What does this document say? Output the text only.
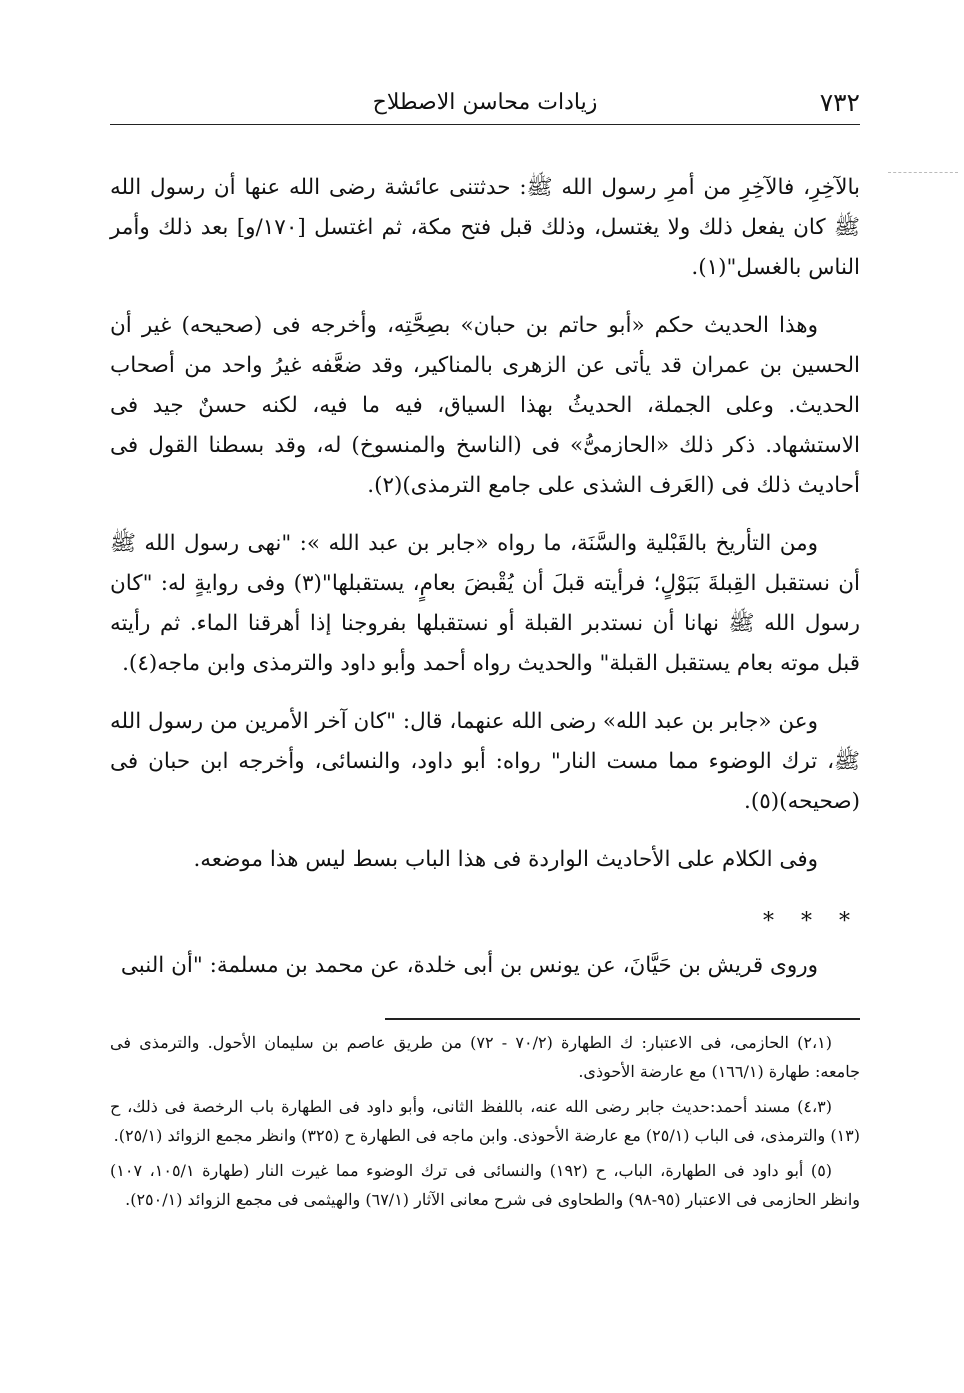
٧٣٢
زيادات محاسن الاصطلاح

بالآخِرِ، فالآخِرِ من أمرِ رسول الله ﷺ: حدثتنى عائشة رضى الله عنها أن رسول الله ﷺ كان يفعل ذلك ولا يغتسل، وذلك قبل فتح مكة، ثم اغتسل [١٧٠/و] بعد ذلك وأمر الناس بالغسل"(١).

وهذا الحديث حكم «أبو حاتم بن حبان» بصِحَّتِه، وأخرجه فى (صحيحه) غير أن الحسين بن عمران قد يأتى عن الزهرى بالمناكير، وقد ضعَّفه غيرُ واحد من أصحاب الحديث. وعلى الجملة، الحديثُ بهذا السياق، فيه ما فيه، لكنه حسنٌ جيد فى الاستشهاد. ذكر ذلك «الحازمىُّ» فى (الناسخ والمنسوخ) له، وقد بسطنا القول فى أحاديث ذلك فى (العَرف الشذى على جامع الترمذى)(٢).

ومن التأريخ بالقَبْلية والسَّنَة، ما رواه «جابر بن عبد الله »: "نهى رسول الله ﷺ أن نستقبل القِبلةَ بَبَوْلٍ؛ فرأيته قبلَ أن يُقْبضَ بعامٍ، يستقبلها"(٣) وفى روايةٍ له: "كان رسول الله ﷺ نهانا أن نستدبر القبلة أو نستقبلها بفروجنا إذا أهرقنا الماء. ثم رأيته قبل موته بعام يستقبل القبلة" والحديث رواه أحمد وأبو داود والترمذى وابن ماجه(٤).

وعن «جابر بن عبد الله» رضى الله عنهما، قال: "كان آخر الأمرين من رسول الله ﷺ، ترك الوضوء مما مست النار" رواه: أبو داود، والنسائى، وأخرجه ابن حبان فى (صحيحه)(٥).

وفى الكلام على الأحاديث الواردة فى هذا الباب بسط ليس هذا موضعه.

* * *

وروى قريش بن حَيَّانَ، عن يونس بن أبى خلدة، عن محمد بن مسلمة: "أن النبى

(٢،١) الحازمى، فى الاعتبار: ك الطهارة (٧٠/٢ - ٧٢) من طريق عاصم بن سليمان الأحول. والترمذى فى جامعه: طهارة (١٦٦/١) مع عارضة الأحوذى.

(٤،٣) مسند أحمد:حديث جابر رضى الله عنه، باللفظ الثانى، وأبو داود فى الطهارة باب الرخصة فى ذلك، ح (١٣) والترمذى، فى الباب (٢٥/١) مع عارضة الأحوذى. وابن ماجه فى الطهارة ح (٣٢٥) وانظر مجمع الزوائد (٢٥/١).

(٥) أبو داود فى الطهارة، الباب، ح (١٩٢) والنسائى فى ترك الوضوء مما غيرت النار (طهارة ١٠٥/١، ١٠٧) وانظر الحازمى فى الاعتبار (٩٥-٩٨) والطحاوى فى شرح معانى الآثار (٦٧/١) والهيثمى فى مجمع الزوائد (٢٥٠/١).
